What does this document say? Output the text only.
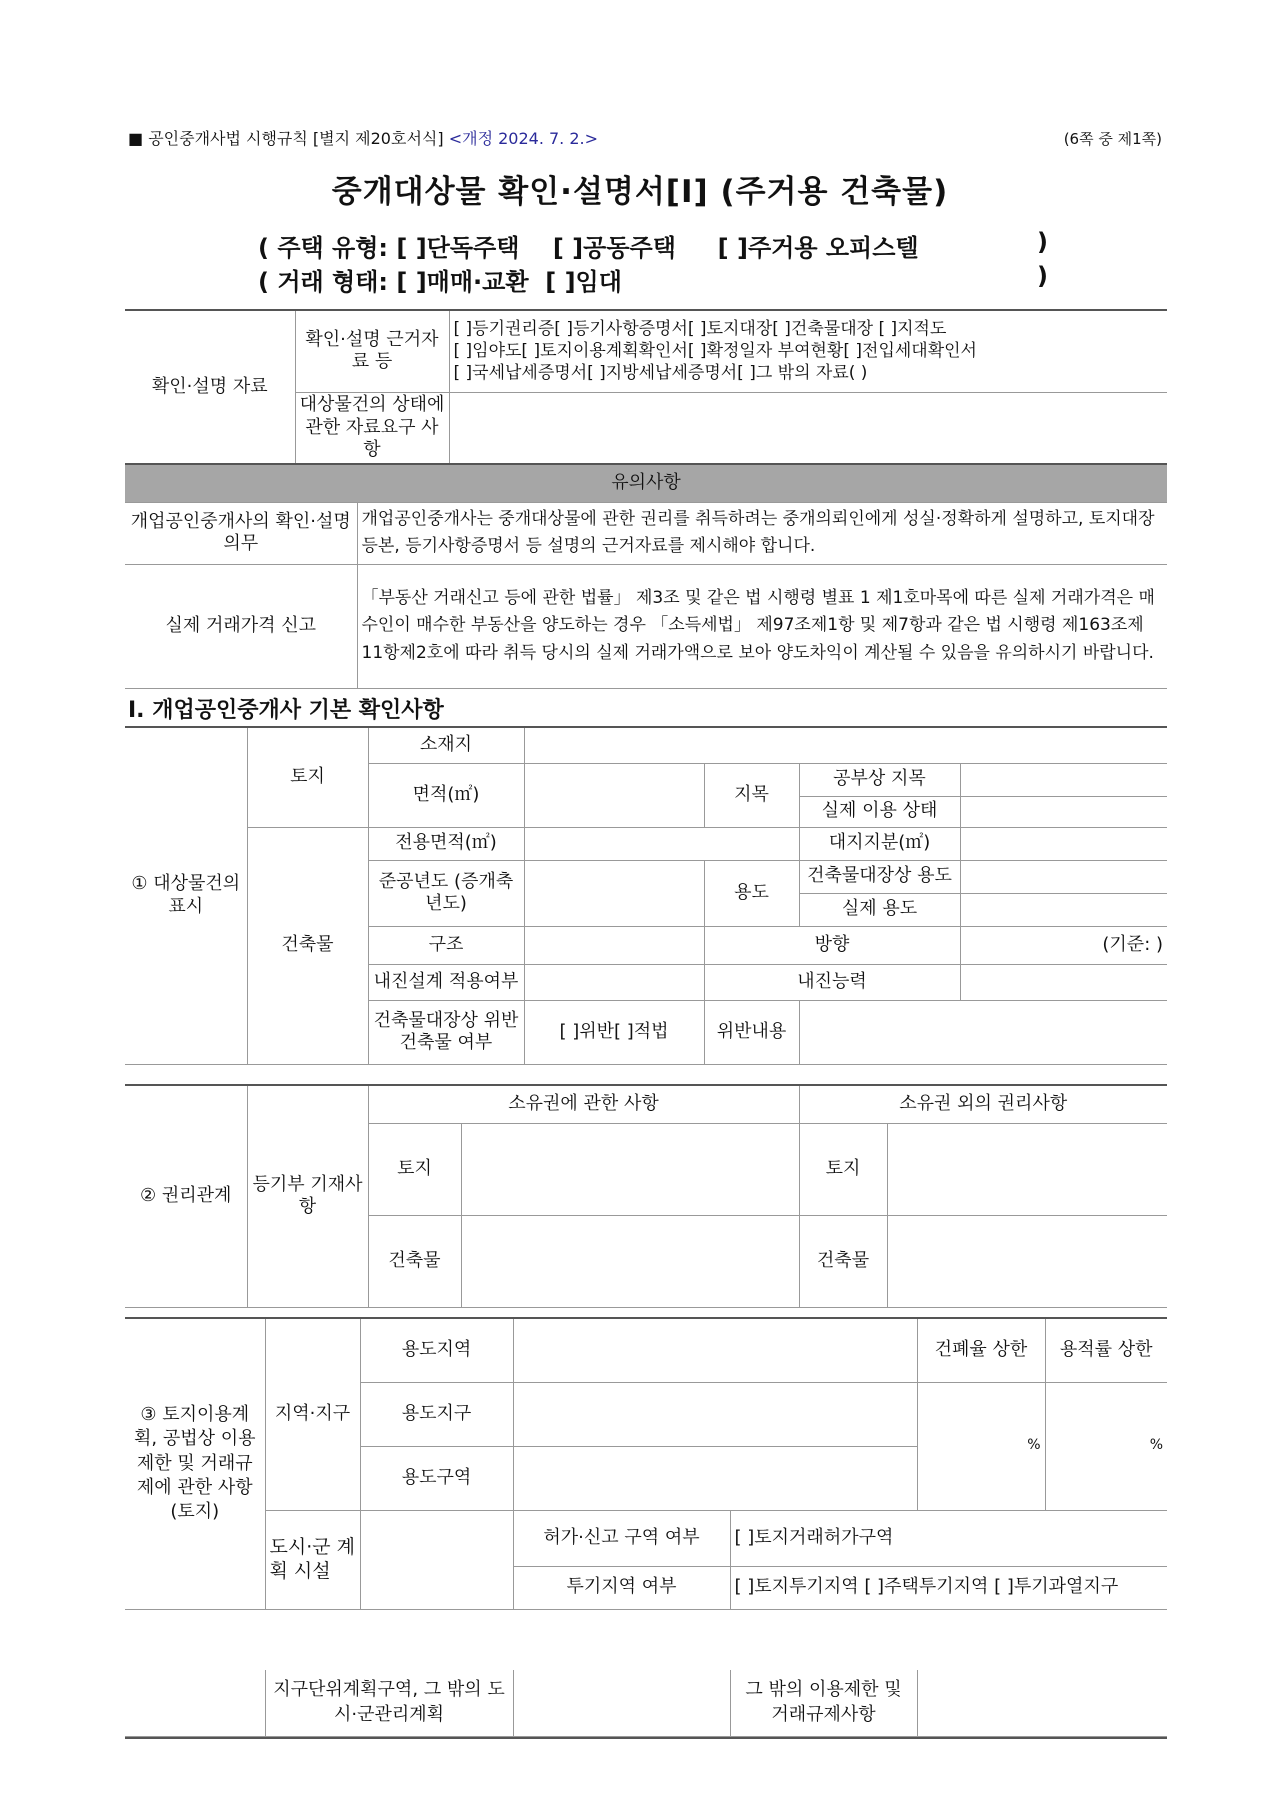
■ 공인중개사법 시행규칙 [별지 제20호서식] <개정 2024. 7. 2.>	(6쪽 중 제1쪽)
중개대상물 확인·설명서[Ⅰ] (주거용 건축물)
( 주택 유형: [ ]단독주택 [ ]공동주택 [ ]주거용 오피스텔	)
( 거래 형태: [ ]매매·교환 [ ]임대	)
확인·설명 자료	확인·설명 근거자료 등	[ ]등기권리증[ ]등기사항증명서[ ]토지대장[ ]건축물대장 [ ]지적도
[ ]임야도[ ]토지이용계획확인서[ ]확정일자 부여현황[ ]전입세대확인서
[ ]국세납세증명서[ ]지방세납세증명서[ ]그 밖의 자료( )

	대상물건의 상태에 관한 자료요구 사항	
유의사항	
개업공인중개사의 확인·설명 의무	개업공인중개사는 중개대상물에 관한 권리를 취득하려는 중개의뢰인에게 성실·정확하게 설명하고, 토지대장 등본, 등기사항증명서 등 설명의 근거자료를 제시해야 합니다.
실제 거래가격 신고	「부동산 거래신고 등에 관한 법률」 제3조 및 같은 법 시행령 별표 1 제1호마목에 따른 실제 거래가격은 매수인이 매수한 부동산을 양도하는 경우 「소득세법」 제97조제1항 및 제7항과 같은 법 시행령 제163조제11항제2호에 따라 취득 당시의 실제 거래가액으로 보아 양도차익이 계산될 수 있음을 유의하시기 바랍니다.
Ⅰ. 개업공인중개사 기본 확인사항
① 대상물건의 표시	토지	소재지				
		면적(㎡)		지목	공부상 지목	
					실제 이용 상태	
	건축물	전용면적(㎡)			대지지분(㎡)	
		준공년도 (증개축년도)		용도	건축물대장상 용도	
					실제 용도	
		구조		방향		(기준: )
		내진설계 적용여부		내진능력		
		건축물대장상 위반건축물 여부	[ ]위반[ ]적법	위반내용		
② 권리관계	등기부 기재사항	소유권에 관한 사항		소유권 외의 권리사항	
		토지		토지	
		건축물		건축물	
③ 토지이용계획, 공법상 이용제한 및 거래규제에 관한 사항 (토지)	지역·지구	용도지역			건폐율 상한	용적률 상한
		용도지구			%	%
		용도구역				
	도시·군 계획 시설		허가·신고 구역 여부	[ ]토지거래허가구역		
			투기지역 여부	[ ]토지투기지역 [ ]주택투기지역 [ ]투기과열지구		
	지구단위계획구역, 그 밖의 도시·군관리계획		그 밖의 이용제한 및 거래규제사항	
